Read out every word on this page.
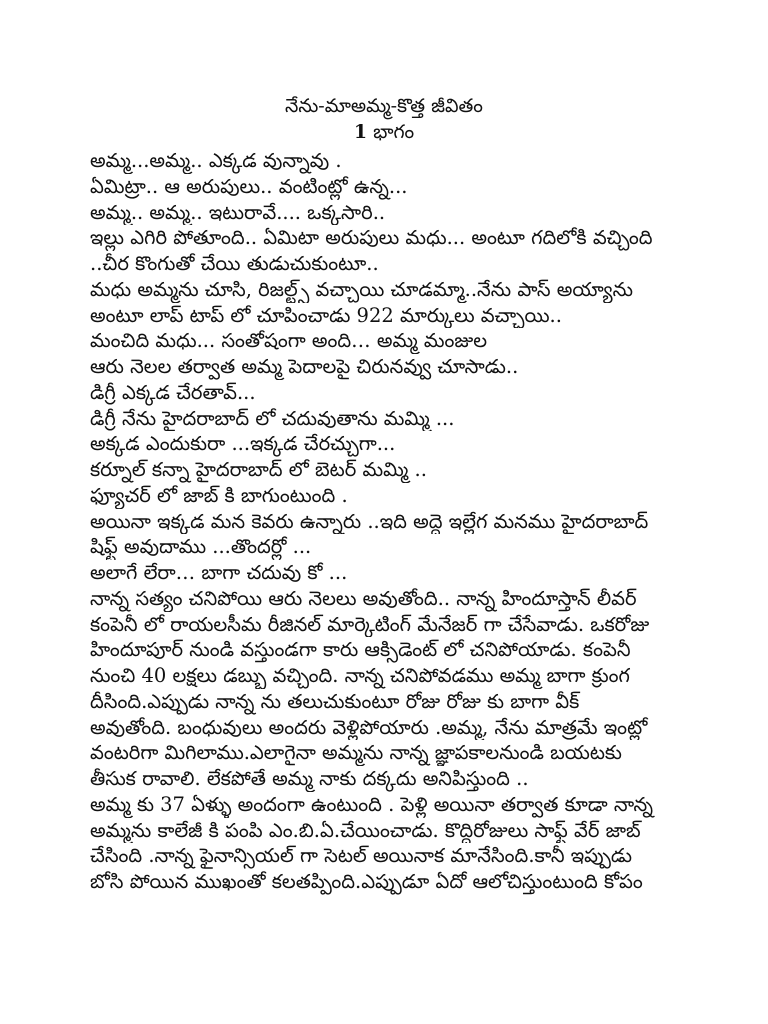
నేను-మాఅమ్మ-కొత్త జీవితం
1 భాగం
అమ్మ...అమ్మ.. ఎక్కడ వున్నావు .
ఏమిట్రా.. ఆ అరుపులు.. వంటింట్లో ఉన్న...
అమ్మ.. అమ్మ.. ఇటురావే.... ఒక్కసారి..
ఇల్లు ఎగిరి పోతూంది.. ఏమిటా అరుపులు మధు... అంటూ గదిలోకి వచ్చింది
..చీర కొంగుతో చేయి తుడుచుకుంటూ..
మధు అమ్మను చూసి, రిజల్ట్స్ వచ్చాయి చూడమ్మా..నేను పాస్ అయ్యాను
అంటూ లాప్ టాప్ లో చూపించాడు 922 మార్కులు వచ్చాయి..
మంచిది మధు... సంతోషంగా అంది… అమ్మ మంజుల
ఆరు నెలల తర్వాత అమ్మ పెదాలపై చిరునవ్వు చూసాడు..
డిగ్రీ ఎక్కడ చేరతావ్...
డిగ్రీ నేను హైదరాబాద్ లో చదువుతాను మమ్మి ...
అక్కడ ఎందుకురా ...ఇక్కడ చేరచ్చుగా...
కర్నూల్ కన్నా హైదరాబాద్ లో బెటర్ మమ్మి ..
ఫ్యూచర్ లో జాబ్ కి బాగుంటుంది .
అయినా ఇక్కడ మన కెవరు ఉన్నారు ..ఇది అద్దె ఇల్లేగ మనము హైదరాబాద్
షిఫ్ట్ అవుదాము ...తొందర్లో ...
అలాగే లేరా… బాగా చదువు కో ...
నాన్న సత్యం చనిపోయి ఆరు నెలలు అవుతోంది.. నాన్న హిందూస్తాన్ లీవర్
కంపెనీ లో రాయలసీమ రీజినల్ మార్కెటింగ్ మేనేజర్ గా చేసేవాడు. ఒకరోజు
హిందూపూర్ నుండి వస్తుండగా కారు ఆక్సిడెంట్ లో చనిపోయాడు. కంపెనీ
నుంచి 40 లక్షలు డబ్బు వచ్చింది. నాన్న చనిపోవడము అమ్మ బాగా క్రుంగ
దీసింది.ఎప్పుడు నాన్న ను తలుచుకుంటూ రోజు రోజు కు బాగా వీక్
అవుతోంది. బంధువులు అందరు వెళ్లిపోయారు .అమ్మ, నేను మాత్రమే ఇంట్లో
వంటరిగా మిగిలాము.ఎలాగైనా అమ్మను నాన్న జ్ఞాపకాలనుండి బయటకు
తీసుక రావాలి. లేకపోతే అమ్మ నాకు దక్కదు అనిపిస్తుంది ..
అమ్మ కు 37 ఏళ్ళు అందంగా ఉంటుంది . పెళ్లి అయినా తర్వాత కూడా నాన్న
అమ్మను కాలేజీ కి పంపి ఎం.బి.ఏ.చేయించాడు. కొద్దిరోజులు సాఫ్ట్ వేర్ జాబ్
చేసింది .నాన్న ఫైనాన్సియల్ గా సెటల్ అయినాక మానేసింది.కానీ ఇప్పుడు
బోసి పోయిన ముఖంతో కలతప్పింది.ఎప్పుడూ ఏదో ఆలోచిస్తుంటుంది కోపం
